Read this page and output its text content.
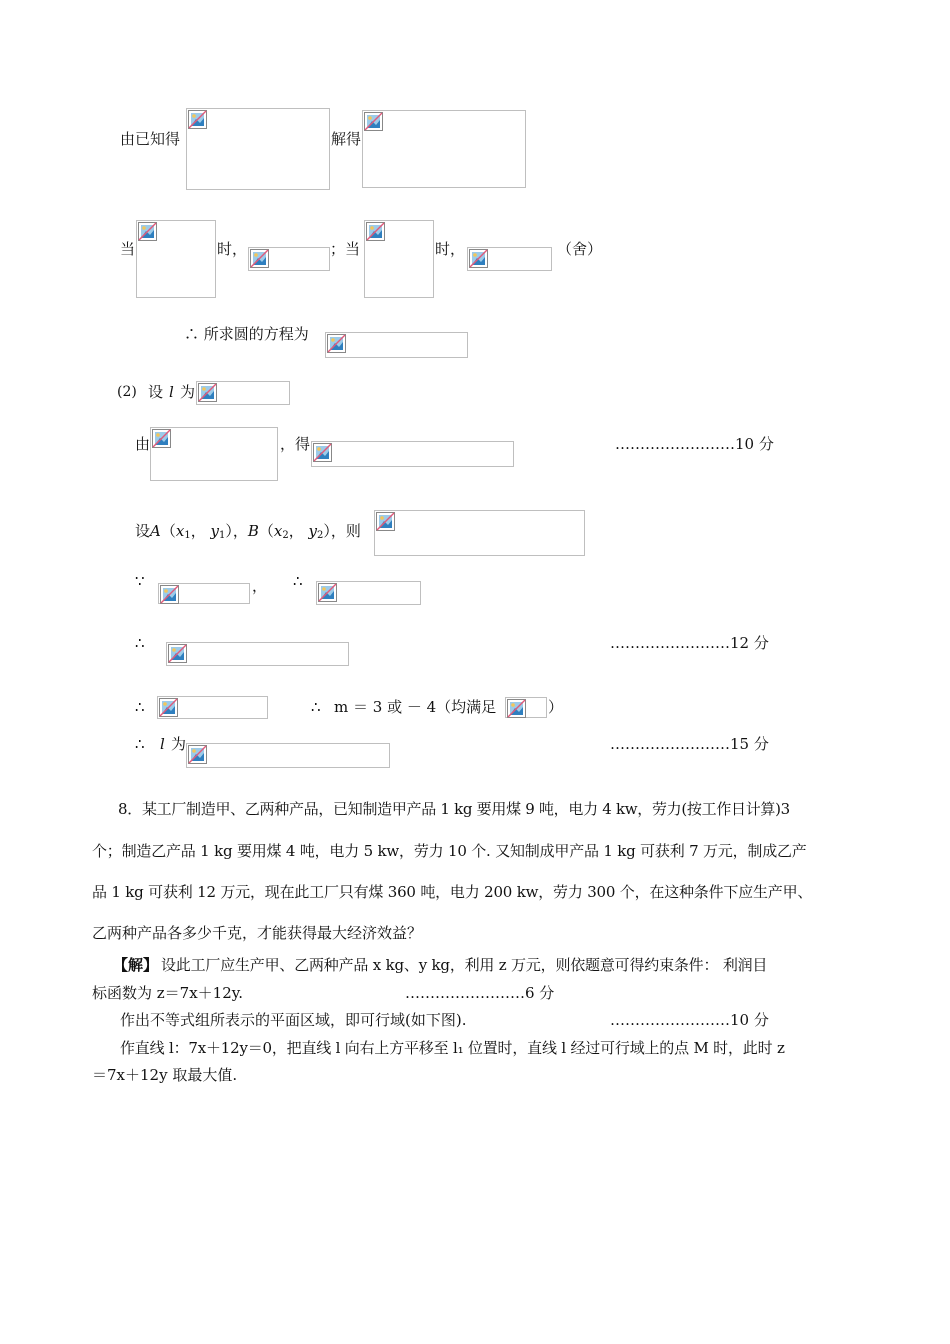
由已知得	解得
当	时，	；当	时，	（舍）
∴ 所求圆的方程为
(2) 设 l 为
由	，得	……………………10 分
设$A(x_1$， $y_1$），$B(x_2$， $y_2$），则
∵	， ∴
∴	……………………12 分
∴	∴ m ＝ 3 或 － 4（均满足	）
∴ l 为	……………………15 分
8．某工厂制造甲、乙两种产品，已知制造甲产品 1 kg 要用煤 9 吨，电力 4 kw，劳力(按工作日计算)3
个；制造乙产品 1 kg 要用煤 4 吨，电力 5 kw，劳力 10 个. 又知制成甲产品 1 kg 可获利 7 万元，制成乙产
品 1 kg 可获利 12 万元，现在此工厂只有煤 360 吨，电力 200 kw，劳力 300 个，在这种条件下应生产甲、
乙两种产品各多少千克，才能获得最大经济效益？
【解】 设此工厂应生产甲、乙两种产品 x kg、y kg，利用 z 万元，则依题意可得约束条件： 利润目
标函数为 z＝7x＋12y.	……………………6 分
作出不等式组所表示的平面区域，即可行域(如下图).	……………………10 分
作直线 l：7x＋12y＝0，把直线 l 向右上方平移至 l₁ 位置时，直线 l 经过可行域上的点 M 时，此时 z
＝7x＋12y 取最大值.
